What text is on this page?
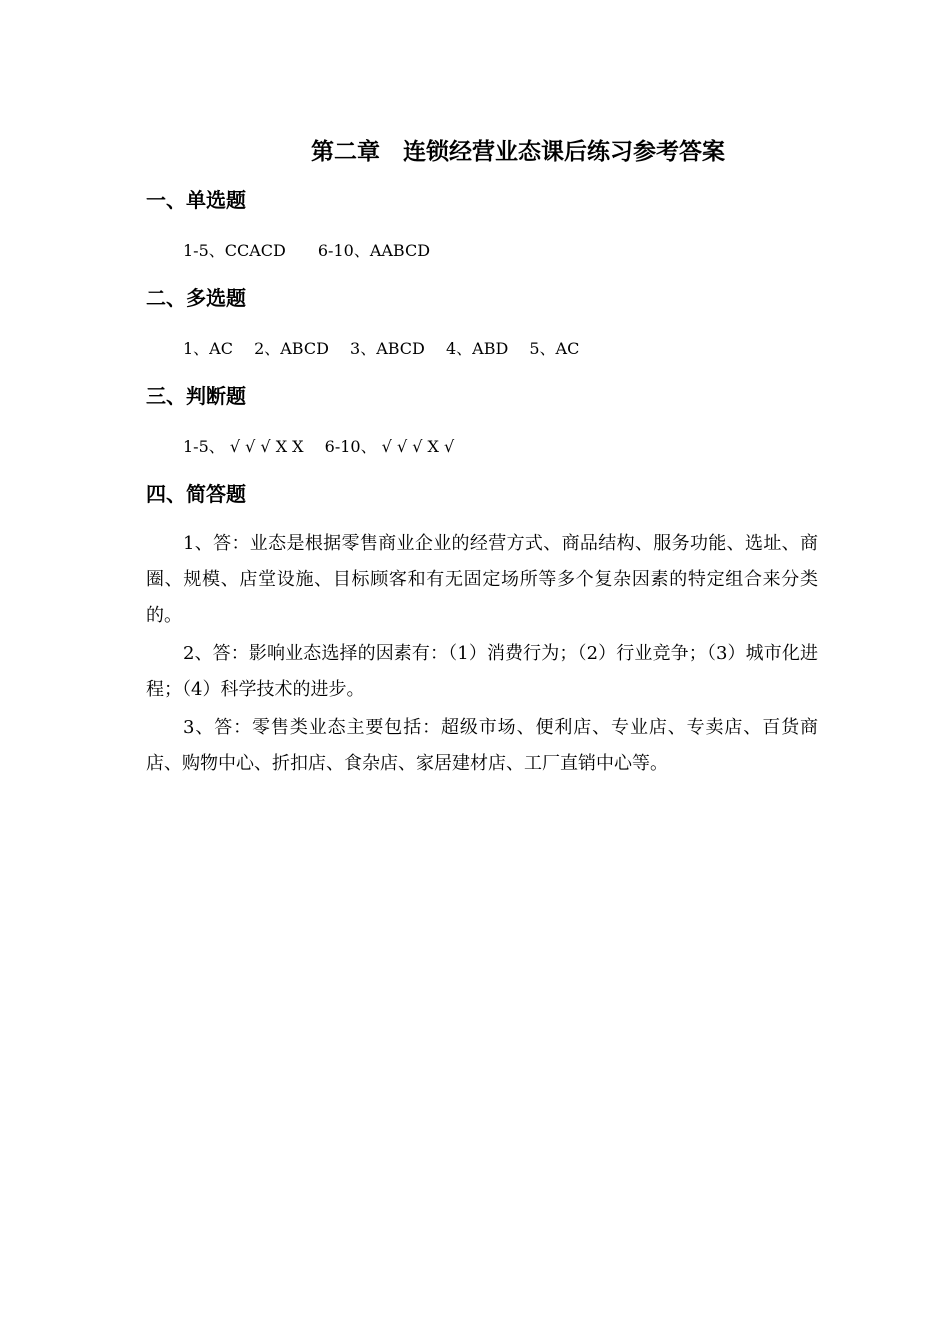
第二章　连锁经营业态课后练习参考答案
一、单选题
1-5、CCACD　　6-10、AABCD
二、多选题
1、AC　 2、ABCD　 3、ABCD　 4、ABD　 5、AC
三、判断题
1-5、 √ √ √ X X　 6-10、 √ √ √ X √
四、简答题

1、答：业态是根据零售商业企业的经营方式、商品结构、服务功能、选址、商圈、规模、店堂设施、目标顾客和有无固定场所等多个复杂因素的特定组合来分类的。

2、答：影响业态选择的因素有：（1）消费行为；（2）行业竞争；（3）城市化进程；（4）科学技术的进步。

3、答：零售类业态主要包括：超级市场、便利店、专业店、专卖店、百货商店、购物中心、折扣店、食杂店、家居建材店、工厂直销中心等。
